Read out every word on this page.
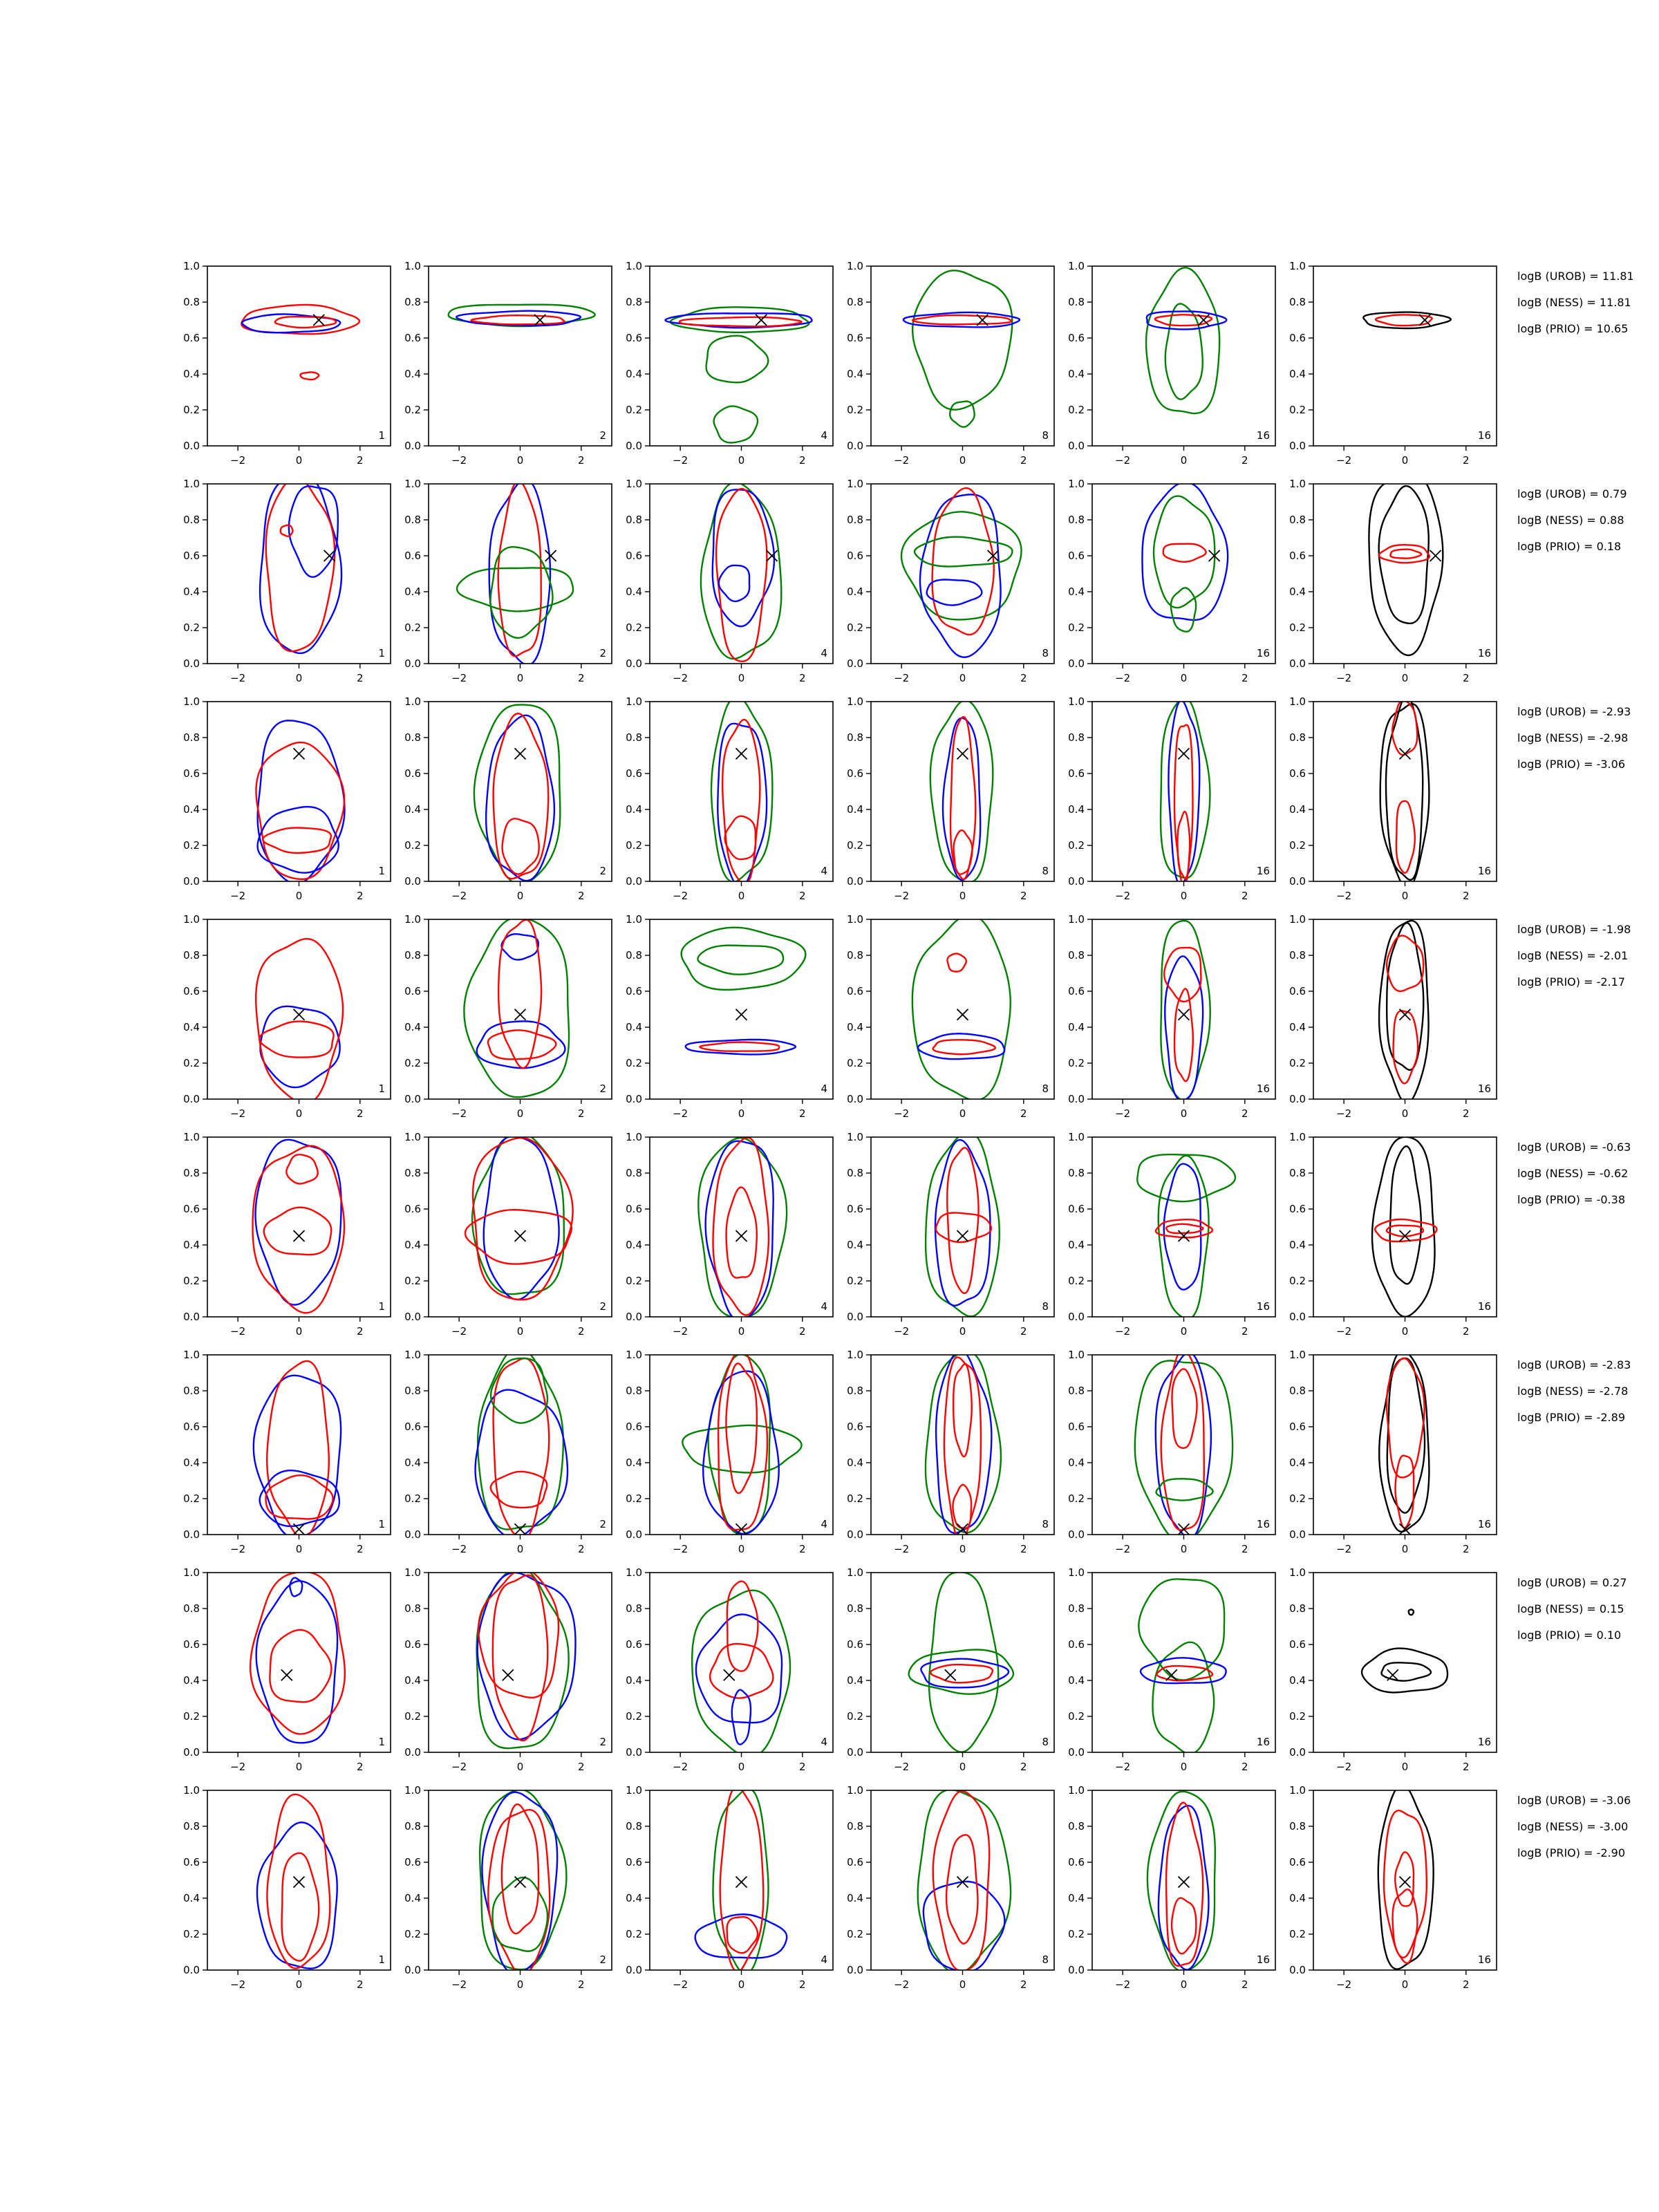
−2	0	2
0.0
0.2
0.4
0.6
0.8
1.0
1
−2	0	2
0.0
0.2
0.4
0.6
0.8
1.0
2
−2	0	2
0.0
0.2
0.4
0.6
0.8
1.0
4
−2	0	2
0.0
0.2
0.4
0.6
0.8
1.0
8
−2	0	2
0.0
0.2
0.4
0.6
0.8
1.0
16
−2	0	2
0.0
0.2
0.4
0.6
0.8
1.0
16
logB (UROB) = 11.81
logB (NESS) = 11.81
logB (PRIO) = 10.65
−2	0	2
0.0
0.2
0.4
0.6
0.8
1.0
1
−2	0	2
0.0
0.2
0.4
0.6
0.8
1.0
2
−2	0	2
0.0
0.2
0.4
0.6
0.8
1.0
4
−2	0	2
0.0
0.2
0.4
0.6
0.8
1.0
8
−2	0	2
0.0
0.2
0.4
0.6
0.8
1.0
16
−2	0	2
0.0
0.2
0.4
0.6
0.8
1.0
16
logB (UROB) = 0.79
logB (NESS) = 0.88
logB (PRIO) = 0.18
−2	0	2
0.0
0.2
0.4
0.6
0.8
1.0
1
−2	0	2
0.0
0.2
0.4
0.6
0.8
1.0
2
−2	0	2
0.0
0.2
0.4
0.6
0.8
1.0
4
−2	0	2
0.0
0.2
0.4
0.6
0.8
1.0
8
−2	0	2
0.0
0.2
0.4
0.6
0.8
1.0
16
−2	0	2
0.0
0.2
0.4
0.6
0.8
1.0
16
logB (UROB) = -2.93
logB (NESS) = -2.98
logB (PRIO) = -3.06
−2	0	2
0.0
0.2
0.4
0.6
0.8
1.0
1
−2	0	2
0.0
0.2
0.4
0.6
0.8
1.0
2
−2	0	2
0.0
0.2
0.4
0.6
0.8
1.0
4
−2	0	2
0.0
0.2
0.4
0.6
0.8
1.0
8
−2	0	2
0.0
0.2
0.4
0.6
0.8
1.0
16
−2	0	2
0.0
0.2
0.4
0.6
0.8
1.0
16
logB (UROB) = -1.98
logB (NESS) = -2.01
logB (PRIO) = -2.17
−2	0	2
0.0
0.2
0.4
0.6
0.8
1.0
1
−2	0	2
0.0
0.2
0.4
0.6
0.8
1.0
2
−2	0	2
0.0
0.2
0.4
0.6
0.8
1.0
4
−2	0	2
0.0
0.2
0.4
0.6
0.8
1.0
8
−2	0	2
0.0
0.2
0.4
0.6
0.8
1.0
16
−2	0	2
0.0
0.2
0.4
0.6
0.8
1.0
16
logB (UROB) = -0.63
logB (NESS) = -0.62
logB (PRIO) = -0.38
−2	0	2
0.0
0.2
0.4
0.6
0.8
1.0
1
−2	0	2
0.0
0.2
0.4
0.6
0.8
1.0
2
−2	0	2
0.0
0.2
0.4
0.6
0.8
1.0
4
−2	0	2
0.0
0.2
0.4
0.6
0.8
1.0
8
−2	0	2
0.0
0.2
0.4
0.6
0.8
1.0
16
−2	0	2
0.0
0.2
0.4
0.6
0.8
1.0
16
logB (UROB) = -2.83
logB (NESS) = -2.78
logB (PRIO) = -2.89
−2	0	2
0.0
0.2
0.4
0.6
0.8
1.0
1
−2	0	2
0.0
0.2
0.4
0.6
0.8
1.0
2
−2	0	2
0.0
0.2
0.4
0.6
0.8
1.0
4
−2	0	2
0.0
0.2
0.4
0.6
0.8
1.0
8
−2	0	2
0.0
0.2
0.4
0.6
0.8
1.0
16
−2	0	2
0.0
0.2
0.4
0.6
0.8
1.0
16
logB (UROB) = 0.27
logB (NESS) = 0.15
logB (PRIO) = 0.10
−2	0	2
0.0
0.2
0.4
0.6
0.8
1.0
1
−2	0	2
0.0
0.2
0.4
0.6
0.8
1.0
2
−2	0	2
0.0
0.2
0.4
0.6
0.8
1.0
4
−2	0	2
0.0
0.2
0.4
0.6
0.8
1.0
8
−2	0	2
0.0
0.2
0.4
0.6
0.8
1.0
16
−2	0	2
0.0
0.2
0.4
0.6
0.8
1.0
16
logB (UROB) = -3.06
logB (NESS) = -3.00
logB (PRIO) = -2.90
